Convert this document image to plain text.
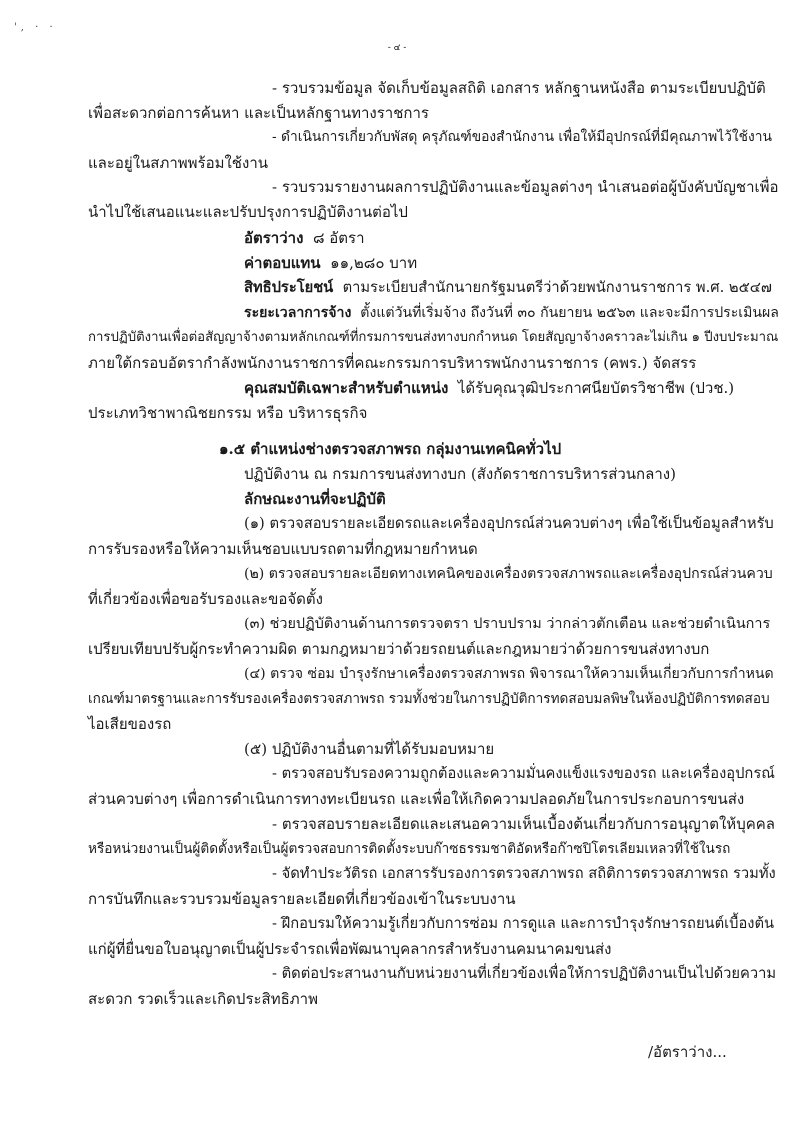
', · ·
- ๔ -
- รวบรวมข้อมูล จัดเก็บข้อมูลสถิติ เอกสาร หลักฐานหนังสือ ตามระเบียบปฏิบัติ
เพื่อสะดวกต่อการค้นหา และเป็นหลักฐานทางราชการ
- ดำเนินการเกี่ยวกับพัสดุ ครุภัณฑ์ของสำนักงาน เพื่อให้มีอุปกรณ์ที่มีคุณภาพไว้ใช้งาน
และอยู่ในสภาพพร้อมใช้งาน
- รวบรวมรายงานผลการปฏิบัติงานและข้อมูลต่างๆ นำเสนอต่อผู้บังคับบัญชาเพื่อ
นำไปใช้เสนอแนะและปรับปรุงการปฏิบัติงานต่อไป
อัตราว่าง ๘ อัตรา
ค่าตอบแทน ๑๑,๒๘๐ บาท
สิทธิประโยชน์ ตามระเบียบสำนักนายกรัฐมนตรีว่าด้วยพนักงานราชการ พ.ศ. ๒๕๔๗
ระยะเวลาการจ้าง ตั้งแต่วันที่เริ่มจ้าง ถึงวันที่ ๓๐ กันยายน ๒๕๖๓ และจะมีการประเมินผล
การปฏิบัติงานเพื่อต่อสัญญาจ้างตามหลักเกณฑ์ที่กรมการขนส่งทางบกกำหนด โดยสัญญาจ้างคราวละไม่เกิน ๑ ปีงบประมาณ
ภายใต้กรอบอัตรากำลังพนักงานราชการที่คณะกรรมการบริหารพนักงานราชการ (คพร.) จัดสรร
คุณสมบัติเฉพาะสำหรับตำแหน่ง ได้รับคุณวุฒิประกาศนียบัตรวิชาชีพ (ปวช.)
ประเภทวิชาพาณิชยกรรม หรือ บริหารธุรกิจ
๑.๕ ตำแหน่งช่างตรวจสภาพรถ กลุ่มงานเทคนิคทั่วไป
ปฏิบัติงาน ณ กรมการขนส่งทางบก (สังกัดราชการบริหารส่วนกลาง)
ลักษณะงานที่จะปฏิบัติ
(๑) ตรวจสอบรายละเอียดรถและเครื่องอุปกรณ์ส่วนควบต่างๆ เพื่อใช้เป็นข้อมูลสำหรับ
การรับรองหรือให้ความเห็นชอบแบบรถตามที่กฎหมายกำหนด
(๒) ตรวจสอบรายละเอียดทางเทคนิคของเครื่องตรวจสภาพรถและเครื่องอุปกรณ์ส่วนควบ
ที่เกี่ยวข้องเพื่อขอรับรองและขอจัดตั้ง
(๓) ช่วยปฏิบัติงานด้านการตรวจตรา ปราบปราม ว่ากล่าวตักเตือน และช่วยดำเนินการ
เปรียบเทียบปรับผู้กระทำความผิด ตามกฎหมายว่าด้วยรถยนต์และกฎหมายว่าด้วยการขนส่งทางบก
(๔) ตรวจ ซ่อม บำรุงรักษาเครื่องตรวจสภาพรถ พิจารณาให้ความเห็นเกี่ยวกับการกำหนด
เกณฑ์มาตรฐานและการรับรองเครื่องตรวจสภาพรถ รวมทั้งช่วยในการปฏิบัติการทดสอบมลพิษในห้องปฏิบัติการทดสอบ
ไอเสียของรถ
(๕) ปฏิบัติงานอื่นตามที่ได้รับมอบหมาย
- ตรวจสอบรับรองความถูกต้องและความมั่นคงแข็งแรงของรถ และเครื่องอุปกรณ์
ส่วนควบต่างๆ เพื่อการดำเนินการทางทะเบียนรถ และเพื่อให้เกิดความปลอดภัยในการประกอบการขนส่ง
- ตรวจสอบรายละเอียดและเสนอความเห็นเบื้องต้นเกี่ยวกับการอนุญาตให้บุคคล
หรือหน่วยงานเป็นผู้ติดตั้งหรือเป็นผู้ตรวจสอบการติดตั้งระบบก๊าซธรรมชาติอัดหรือก๊าซปิโตรเลียมเหลวที่ใช้ในรถ
- จัดทำประวัติรถ เอกสารรับรองการตรวจสภาพรถ สถิติการตรวจสภาพรถ รวมทั้ง
การบันทึกและรวบรวมข้อมูลรายละเอียดที่เกี่ยวข้องเข้าในระบบงาน
- ฝึกอบรมให้ความรู้เกี่ยวกับการซ่อม การดูแล และการบำรุงรักษารถยนต์เบื้องต้น
แก่ผู้ที่ยื่นขอใบอนุญาตเป็นผู้ประจำรถเพื่อพัฒนาบุคลากรสำหรับงานคมนาคมขนส่ง
- ติดต่อประสานงานกับหน่วยงานที่เกี่ยวข้องเพื่อให้การปฏิบัติงานเป็นไปด้วยความ
สะดวก รวดเร็วและเกิดประสิทธิภาพ
/อัตราว่าง...
